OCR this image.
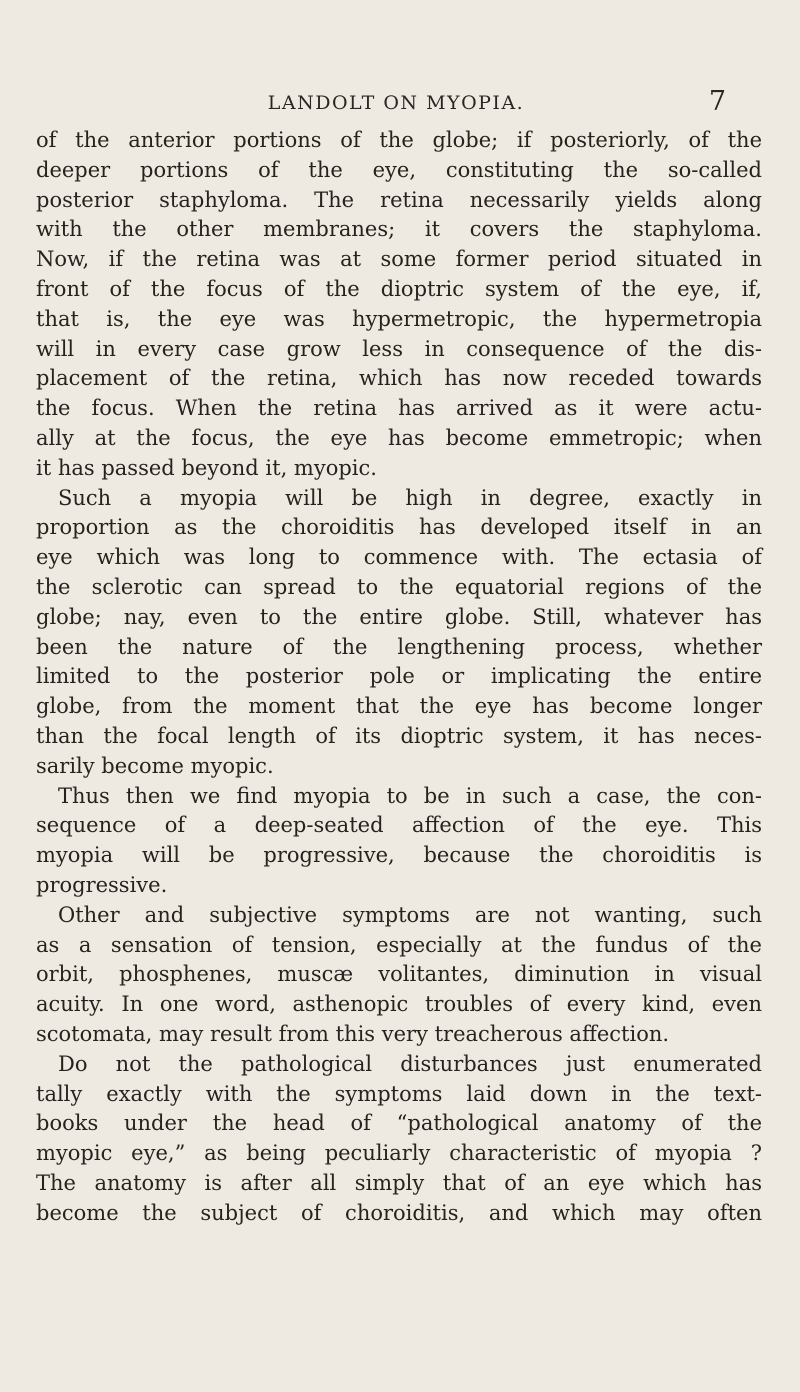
LANDOLT ON MYOPIA.	7
of the anterior portions of the globe; if posteriorly, of the
deeper portions of the eye, constituting the so-called
posterior staphyloma. The retina necessarily yields along
with the other membranes; it covers the staphyloma.
Now, if the retina was at some former period situated in
front of the focus of the dioptric system of the eye, if,
that is, the eye was hypermetropic, the hypermetropia
will in every case grow less in consequence of the dis-
placement of the retina, which has now receded towards
the focus. When the retina has arrived as it were actu-
ally at the focus, the eye has become emmetropic; when
it has passed beyond it, myopic.
Such a myopia will be high in degree, exactly in
proportion as the choroiditis has developed itself in an
eye which was long to commence with. The ectasia of
the sclerotic can spread to the equatorial regions of the
globe; nay, even to the entire globe. Still, whatever has
been the nature of the lengthening process, whether
limited to the posterior pole or implicating the entire
globe, from the moment that the eye has become longer
than the focal length of its dioptric system, it has neces-
sarily become myopic.
Thus then we find myopia to be in such a case, the con-
sequence of a deep-seated affection of the eye. This
myopia will be progressive, because the choroiditis is
progressive.
Other and subjective symptoms are not wanting, such
as a sensation of tension, especially at the fundus of the
orbit, phosphenes, muscæ volitantes, diminution in visual
acuity. In one word, asthenopic troubles of every kind, even
scotomata, may result from this very treacherous affection.
Do not the pathological disturbances just enumerated
tally exactly with the symptoms laid down in the text-
books under the head of “pathological anatomy of the
myopic eye,” as being peculiarly characteristic of myopia ?
The anatomy is after all simply that of an eye which has
become the subject of choroiditis, and which may often
